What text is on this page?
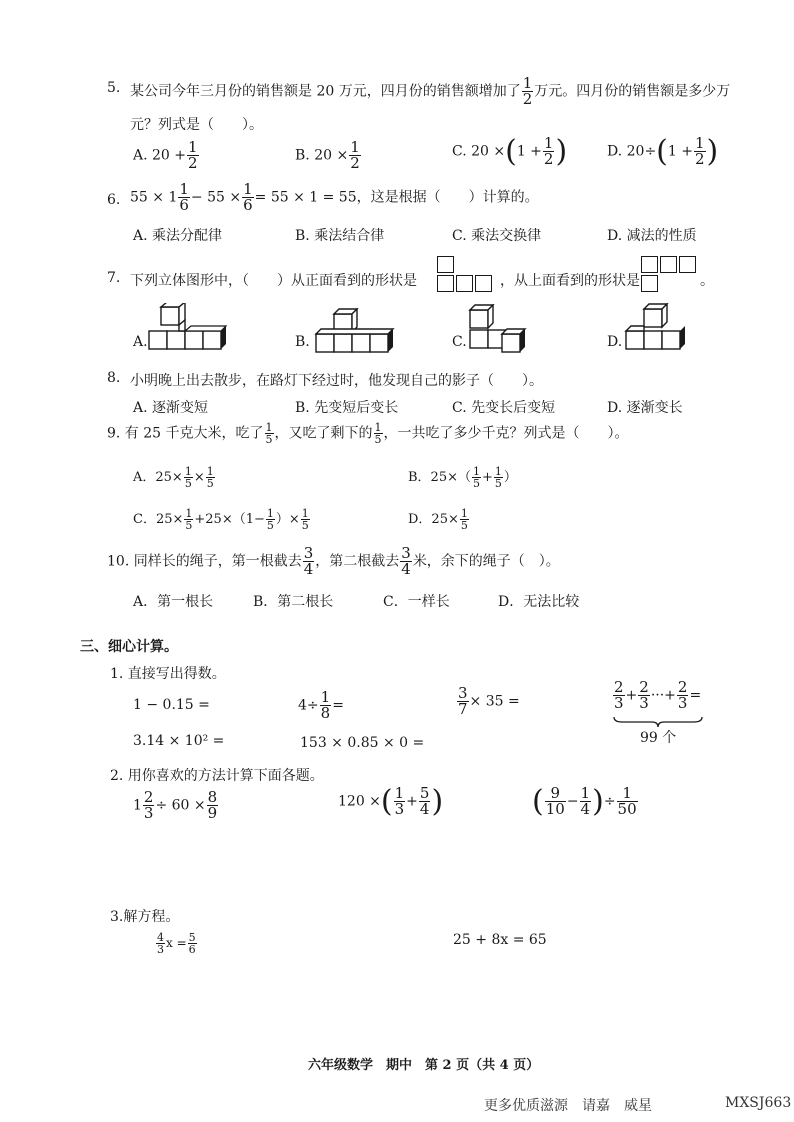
5. 某公司今年三月份的销售额是 20 万元，四月份的销售额增加了 $\frac{1}{2}$ 万元。四月份的销售额是多少万
元？列式是（　　）。
A. $20 + \frac{1}{2}$	B. $20 \times \frac{1}{2}$	C. $20 \times(1 + \frac{1}{2}$ )	D. $20\div(1 + \frac{1}{2}$ )
6. $55 \times 1 \frac{1}{6} - 55 \times \frac{1}{6} = 55 \times 1 = 55$，这是根据（　　）计算的。
A. 乘法分配律	B. 乘法结合律	C. 乘法交换律	D. 减法的性质
7. 下列立体图形中，（　　）从正面看到的形状是	，从上面看到的形状是	。
A.	B.	C.	D.
8. 小明晚上出去散步，在路灯下经过时，他发现自己的影子（　　）。
A. 逐渐变短	B. 先变短后变长	C. 先变长后变短	D. 逐渐变长
9. 有 25 千克大米，吃了 $\frac{1}{5}$ ，又吃了剩下的 $\frac{1}{5}$ ，一共吃了多少千克？列式是（　　）。
A．$25\times \frac{1}{5} \times \frac{1}{5}$	B．$25\times( \frac{1}{5} + \frac{1}{5}$ ）
C．$25\times \frac{1}{5} +25\times(1- \frac{1}{5}$ ）× $\frac{1}{5}$	D．$25\times \frac{1}{5}$
10. 同样长的绳子，第一根截去 $\frac{3}{4}$ ，第二根截去 $\frac{3}{4}$ 米，余下的绳子（　）。
A．第一根长	B．第二根长	C．一样长	D．无法比较
三、细心计算。
1. 直接写出得数。
1 − 0.15 =	$4\div \frac{1}{8}$ =	$\frac{3}{7} \times 35$ =	$\frac{2}{3} + \frac{2}{3}$ ···+ $\frac{2}{3}$ =
99 个
3.14 × 10² =	153 × 0.85 × 0 =
2. 用你喜欢的方法计算下面各题。
$1 \frac{2}{3} \div 60 \times \frac{8}{9}$	120 ×( $\frac{1}{3} + \frac{5}{4}$ )	( $\frac{9}{10} - \frac{1}{4}$ )÷ $\frac{1}{50}$
3.解方程。
$\frac{4}{3}$ $x = \frac{5}{6}$	25 + 8x = 65
六年级数学　期中　第 2 页（共 4 页）
更多优质滋源　请嘉　威星	MXSJ663
